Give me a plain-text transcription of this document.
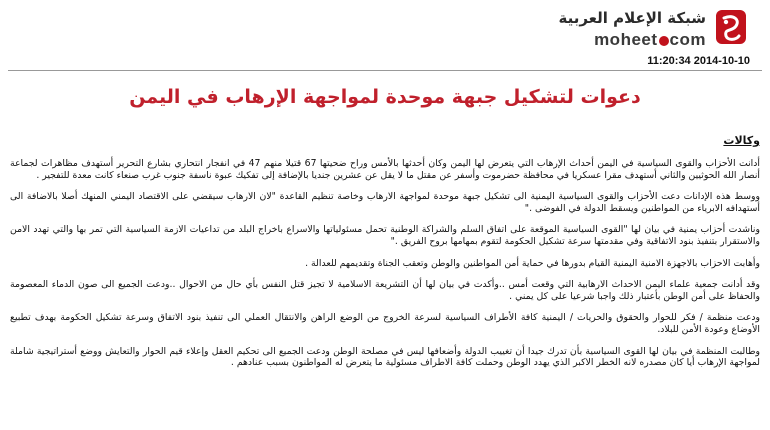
شبكة الإعلام العربية
moheet com
11:20:34 2014-10-10
دعوات لتشكيل جبهة موحدة لمواجهة الإرهاب في اليمن
وكالات

أدانت الأحزاب والقوى السياسية في اليمن أحداث الإرهاب التي يتعرض لها اليمن وكان أحدثها بالأمس وراح ضحيتها 67 قتيلا منهم 47 في انفجار انتحاري بشارع التحرير أستهدف مظاهرات لجماعة أنصار الله الحوثيين والثاني أستهدف مقرا عسكريا في محافظة حضرموت وأسفر عن مقتل ما لا يقل عن عشرين جنديا بالإضافة إلى تفكيك عبوة ناسفة جنوب غرب صنعاء كانت معدة للتفجير .

ووسط هذه الإدانات دعت الأحزاب والقوى السياسية اليمنية الى تشكيل جبهة موحدة لمواجهة الارهاب وخاصة تنظيم القاعدة "لان الارهاب سيقضي على الاقتصاد اليمني المنهك أصلا بالاضافة الى أستهدافه الابرياء من المواطنين ويسقط الدولة في الفوضى ."

وناشدت أحزاب يمنية في بيان لها "القوى السياسية الموقعة على اتفاق السلم والشراكة الوطنية تحمل مسئولياتها والاسراع باخراج البلد من تداعيات الازمة السياسية التي تمر بها والتي تهدد الامن والاستقرار بتنفيذ بنود الاتفاقية وفي مقدمتها سرعة تشكيل الحكومة لتقوم بمهامها بروح الفريق ."

وأهابت الاحزاب بالاجهزة الامنية اليمنية القيام بدورها في حماية أمن المواطنين والوطن وتعقب الجناة وتقديمهم للعدالة .

وقد أدانت جمعية علماء اليمن الاحداث الارهابية التي وقعت أمس ..وأكدت في بيان لها أن التشريعة الاسلامية لا تجيز قتل النفس بأي حال من الاحوال ..ودعت الجميع الى صون الدماء المعصومة والحفاظ على أمن الوطن بأعتبار ذلك واجبا شرعيا على كل يمني .

ودعت منظمة / فكر للحوار والحقوق والحريات / اليمنية كافة الأطراف السياسية لسرعة الخروج من الوضع الراهن والانتقال العملي الى تنفيذ بنود الاتفاق وسرعة تشكيل الحكومة بهدف تطبيع الأوضاع وعودة الأمن للبلاد.

وطالبت المنظمة في بيان لها القوى السياسية بأن تدرك جيدا أن تغييب الدولة وأضعافها ليس في مصلحة الوطن ودعت الجميع الى تحكيم العقل وإعلاء قيم الحوار والتعايش ووضع أستراتيجية شاملة لمواجهة الإرهاب أيا كان مصدره لانه الخطر الاكبر الذي يهدد الوطن وحملت كافة الاطراف مسئولية ما يتعرض له المواطنون بسبب عنادهم .
